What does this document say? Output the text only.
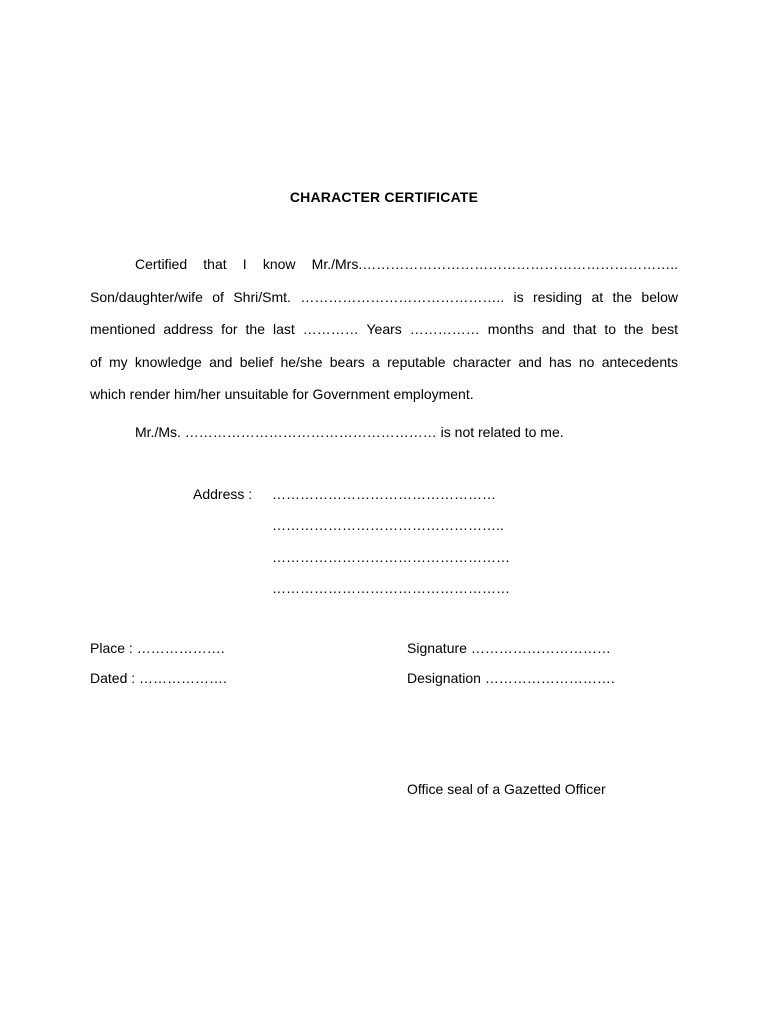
CHARACTER CERTIFICATE
Certified that I know Mr./Mrs.…………………………………………………………..
Son/daughter/wife of Shri/Smt. …………………………………….. is residing at the below
mentioned address for the last ………… Years …………… months and that to the best
of my knowledge and belief he/she bears a reputable character and has no antecedents
which render him/her unsuitable for Government employment.
Mr./Ms. ……………………………………………… is not related to me.
Address : …………………………………………
…………………………………………..
……………………………………………
……………………………………………
Place : ……………….
Dated : ……………….
Signature …………………………
Designation ……………………….
Office seal of a Gazetted Officer
